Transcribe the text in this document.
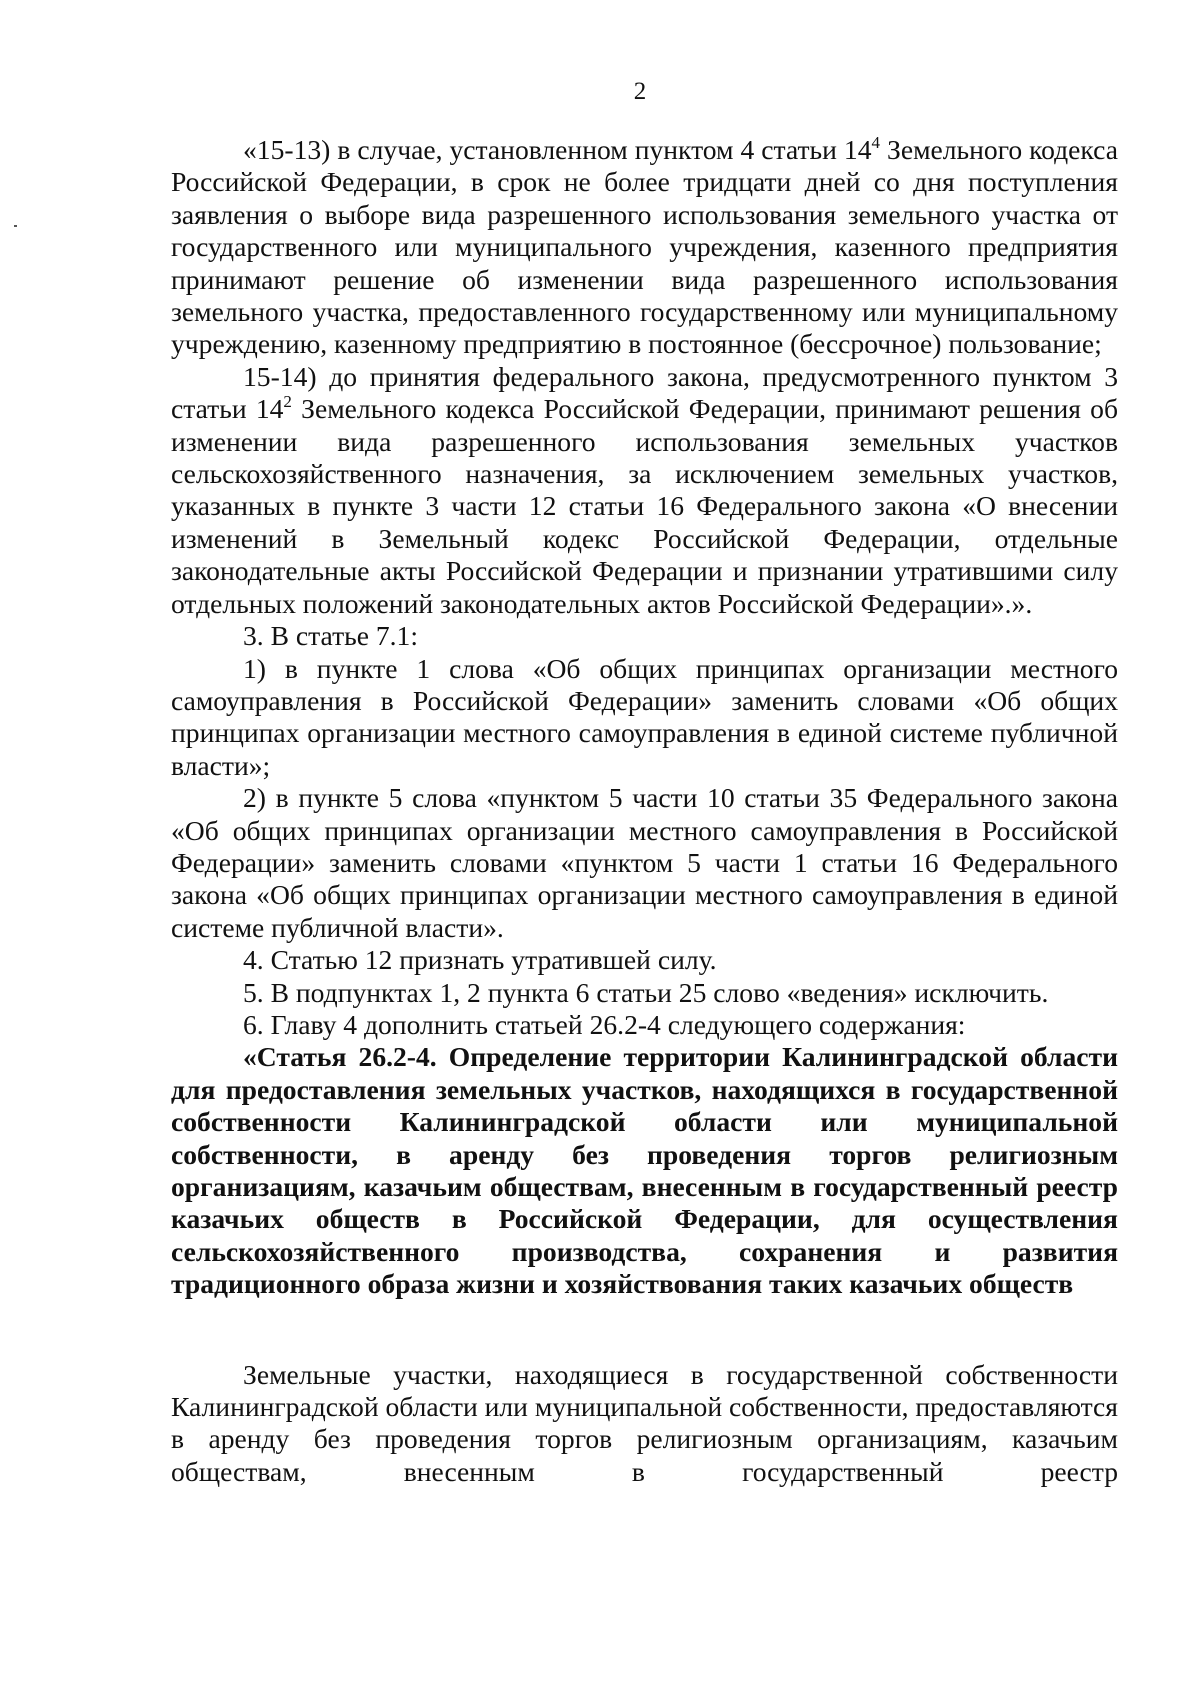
2

«15-13) в случае, установленном пунктом 4 статьи $14^4$ Земельного кодекса Российской Федерации, в срок не более тридцати дней со дня поступления заявления о выборе вида разрешенного использования земельного участка от государственного или муниципального учреждения, казенного предприятия принимают решение об изменении вида разрешенного использования земельного участка, предоставленного государственному или муниципальному учреждению, казенному предприятию в постоянное (бессрочное) пользование;

15-14) до принятия федерального закона, предусмотренного пунктом 3 статьи $14^2$ Земельного кодекса Российской Федерации, принимают решения об изменении вида разрешенного использования земельных участков сельскохозяйственного назначения, за исключением земельных участков, указанных в пункте 3 части 12 статьи 16 Федерального закона «О внесении изменений в Земельный кодекс Российской Федерации, отдельные законодательные акты Российской Федерации и признании утратившими силу отдельных положений законодательных актов Российской Федерации».».

3. В статье 7.1:

1) в пункте 1 слова «Об общих принципах организации местного самоуправления в Российской Федерации» заменить словами «Об общих принципах организации местного самоуправления в единой системе публичной власти»;

2) в пункте 5 слова «пунктом 5 части 10 статьи 35 Федерального закона «Об общих принципах организации местного самоуправления в Российской Федерации» заменить словами «пунктом 5 части 1 статьи 16 Федерального закона «Об общих принципах организации местного самоуправления в единой системе публичной власти».

4. Статью 12 признать утратившей силу.

5. В подпунктах 1, 2 пункта 6 статьи 25 слово «ведения» исключить.

6. Главу 4 дополнить статьей 26.2-4 следующего содержания:

«Статья 26.2-4. Определение территории Калининградской области для предоставления земельных участков, находящихся в государственной собственности Калининградской области или муниципальной собственности, в аренду без проведения торгов религиозным организациям, казачьим обществам, внесенным в государственный реестр казачьих обществ в Российской Федерации, для осуществления сельскохозяйственного производства, сохранения и развития традиционного образа жизни и хозяйствования таких казачьих обществ

Земельные участки, находящиеся в государственной собственности Калининградской области или муниципальной собственности, предоставляются в аренду без проведения торгов религиозным организациям, казачьим обществам, внесенным в государственный реестр
